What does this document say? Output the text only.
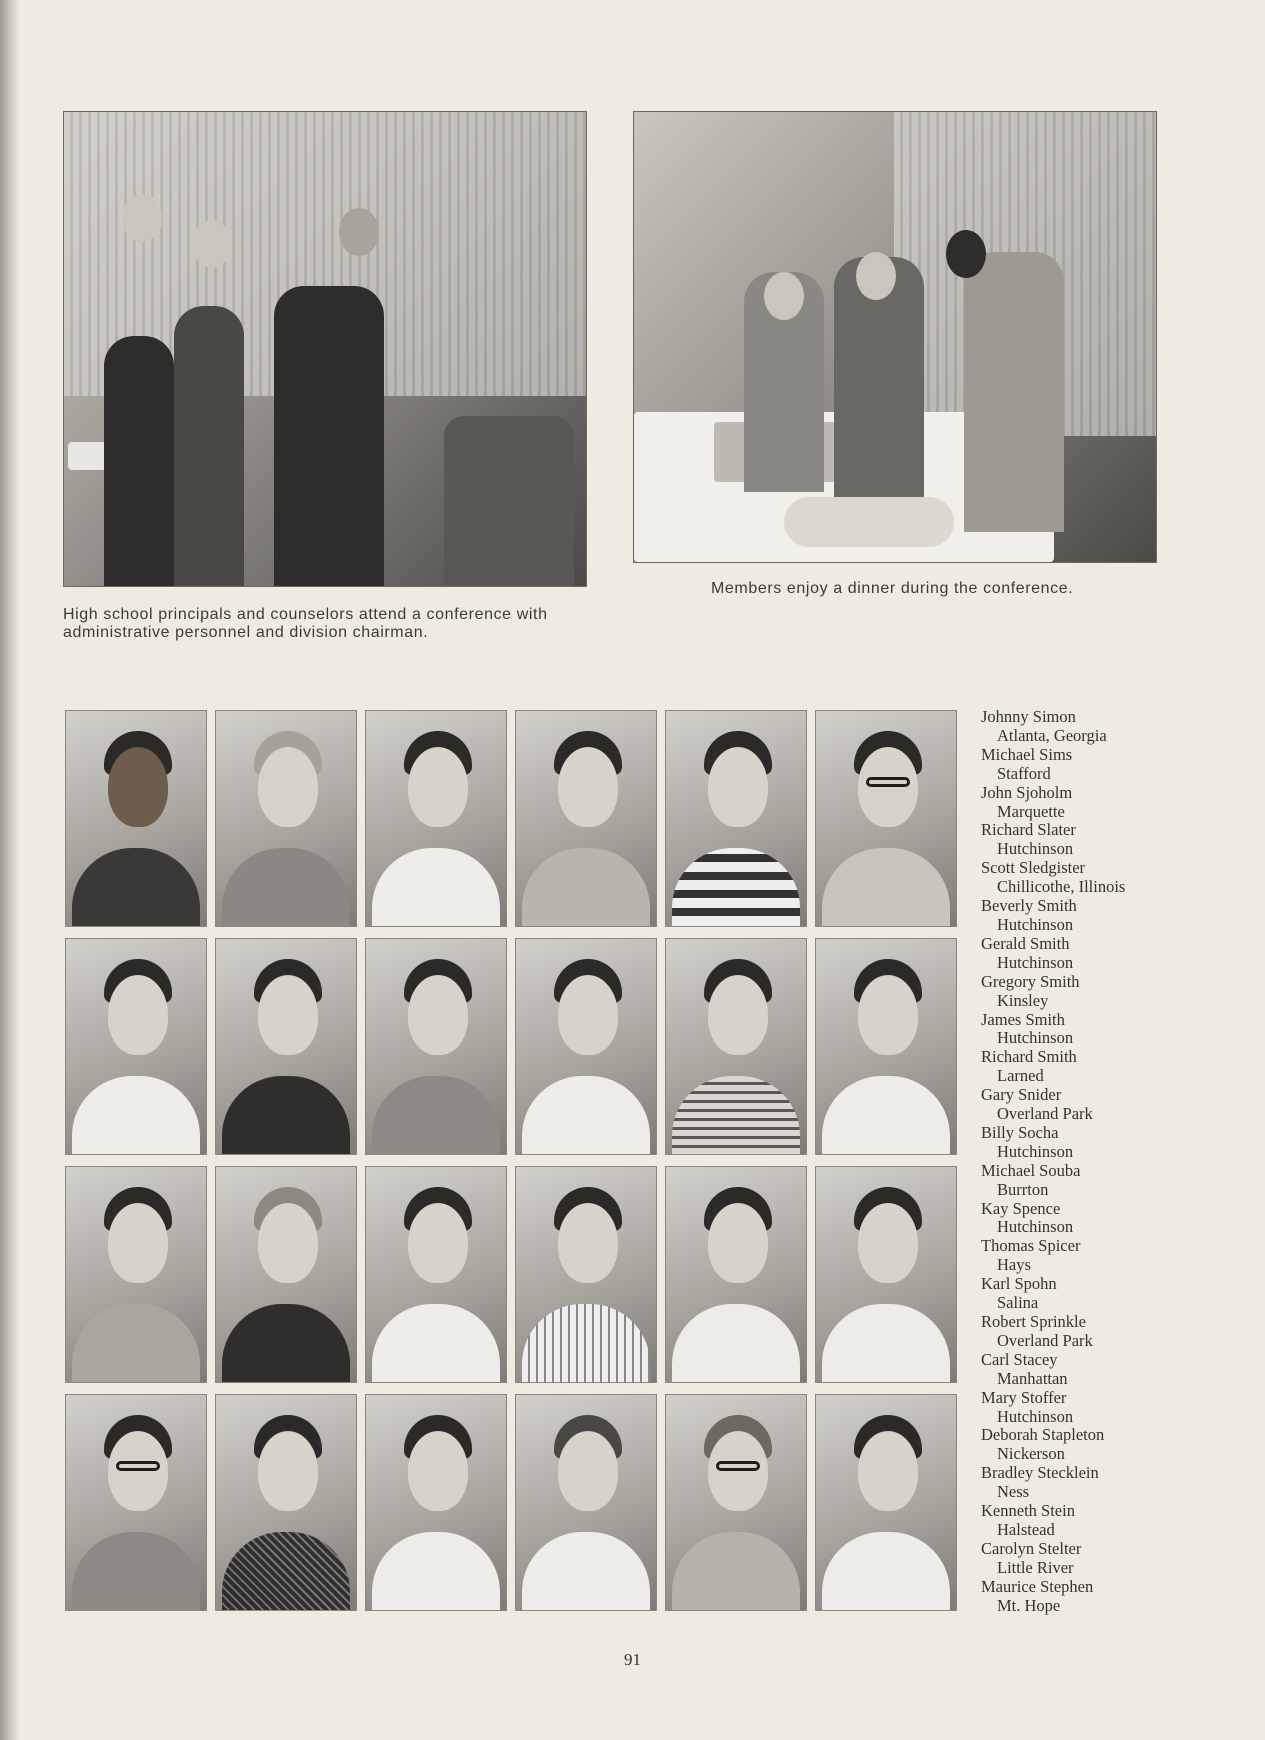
High school principals and counselors attend a conference with administrative personnel and division chairman.

Members enjoy a dinner during the conference.

Johnny Simon
Atlanta, Georgia
Michael Sims
Stafford
John Sjoholm
Marquette
Richard Slater
Hutchinson
Scott Sledgister
Chillicothe, Illinois
Beverly Smith
Hutchinson
Gerald Smith
Hutchinson
Gregory Smith
Kinsley
James Smith
Hutchinson
Richard Smith
Larned
Gary Snider
Overland Park
Billy Socha
Hutchinson
Michael Souba
Burrton
Kay Spence
Hutchinson
Thomas Spicer
Hays
Karl Spohn
Salina
Robert Sprinkle
Overland Park
Carl Stacey
Manhattan
Mary Stoffer
Hutchinson
Deborah Stapleton
Nickerson
Bradley Stecklein
Ness
Kenneth Stein
Halstead
Carolyn Stelter
Little River
Maurice Stephen
Mt. Hope
91
